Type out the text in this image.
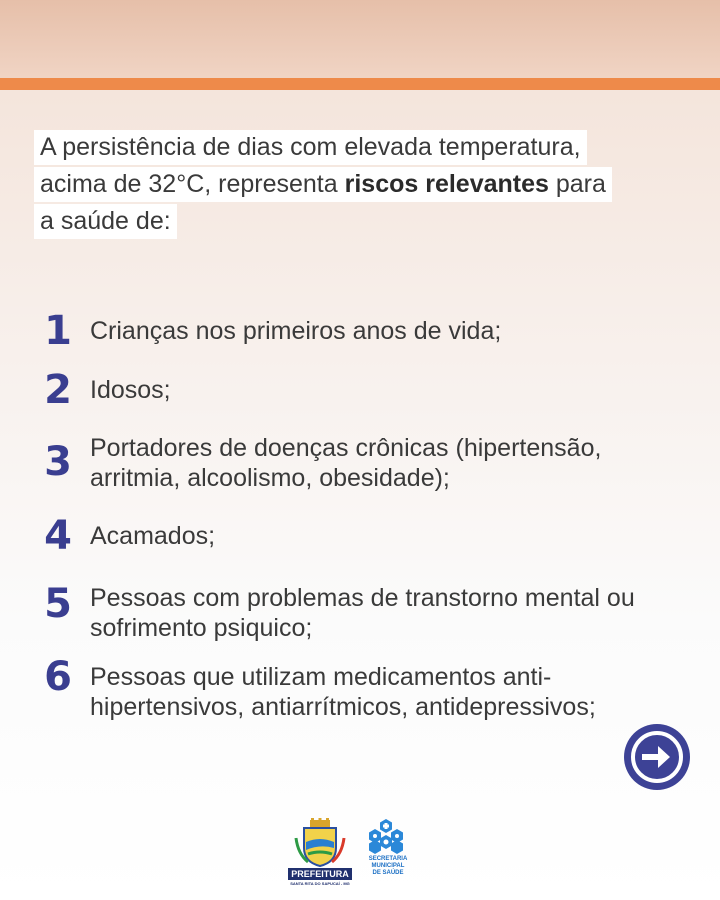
A persistência de dias com elevada temperatura,
acima de 32°C, representa riscos relevantes para
a saúde de:
1 Crianças nos primeiros anos de vida;
2 Idosos;
3 Portadores de doenças crônicas (hipertensão, arritmia, alcoolismo, obesidade);
4 Acamados;
5 Pessoas com problemas de transtorno mental ou sofrimento psiquico;
6 Pessoas que utilizam medicamentos anti-hipertensivos, antiarrítmicos, antidepressivos;
PREFEITURA
SANTA RITA DO SAPUCAÍ - MG
SECRETARIA
MUNICIPAL
DE SAÚDE
